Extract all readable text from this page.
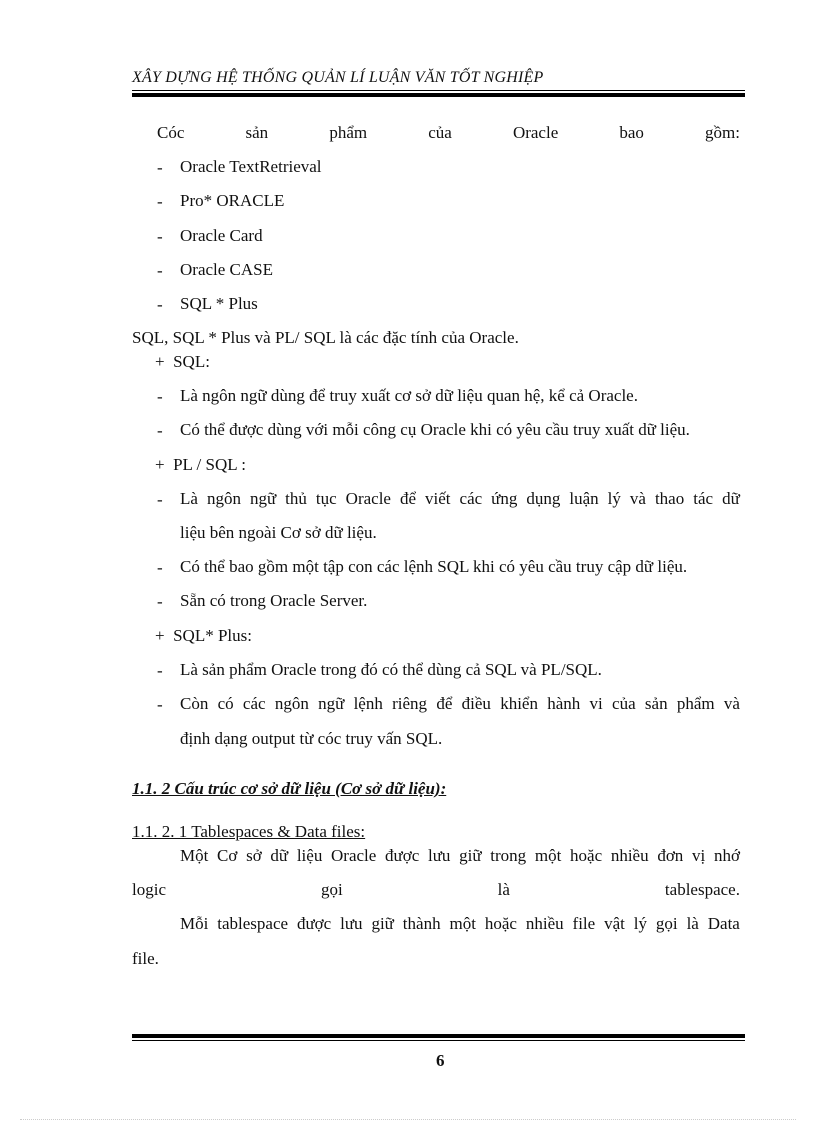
XÂY DỰNG HỆ THỐNG QUẢN LÍ LUẬN VĂN TỐT NGHIỆP
Cóc	sản	phẩm	của	Oracle	bao	gồm:
- Oracle TextRetrieval
- Pro* ORACLE
- Oracle Card
- Oracle CASE
- SQL * Plus
SQL, SQL * Plus và PL/ SQL là các đặc tính của Oracle.
+ SQL:
- Là ngôn ngữ dùng để truy xuất cơ sở dữ liệu quan hệ, kể cả Oracle.
- Có thể được dùng với mỗi công cụ Oracle khi có yêu cầu truy xuất dữ liệu.
+ PL / SQL :
- Là ngôn ngữ thủ tục Oracle để viết các ứng dụng luận lý và thao tác dữ
liệu bên ngoài Cơ sở dữ liệu.
- Có thể bao gồm một tập con các lệnh SQL khi có yêu cầu truy cập dữ liệu.
- Sẵn có trong Oracle Server.
+ SQL* Plus:
- Là sản phẩm Oracle trong đó có thể dùng cả SQL và PL/SQL.
- Còn có các ngôn ngữ lệnh riêng để điều khiển hành vi của sản phẩm và
định dạng output từ cóc truy vấn SQL.
1.1. 2 Cấu trúc cơ sở dữ liệu (Cơ sở dữ liệu):
1.1. 2. 1 Tablespaces & Data files:
Một Cơ sở dữ liệu Oracle được lưu giữ trong một hoặc nhiều đơn vị nhớ
logic	gọi	là	tablespace.
Mỗi tablespace được lưu giữ thành một hoặc nhiều file vật lý gọi là Data
file.
6
